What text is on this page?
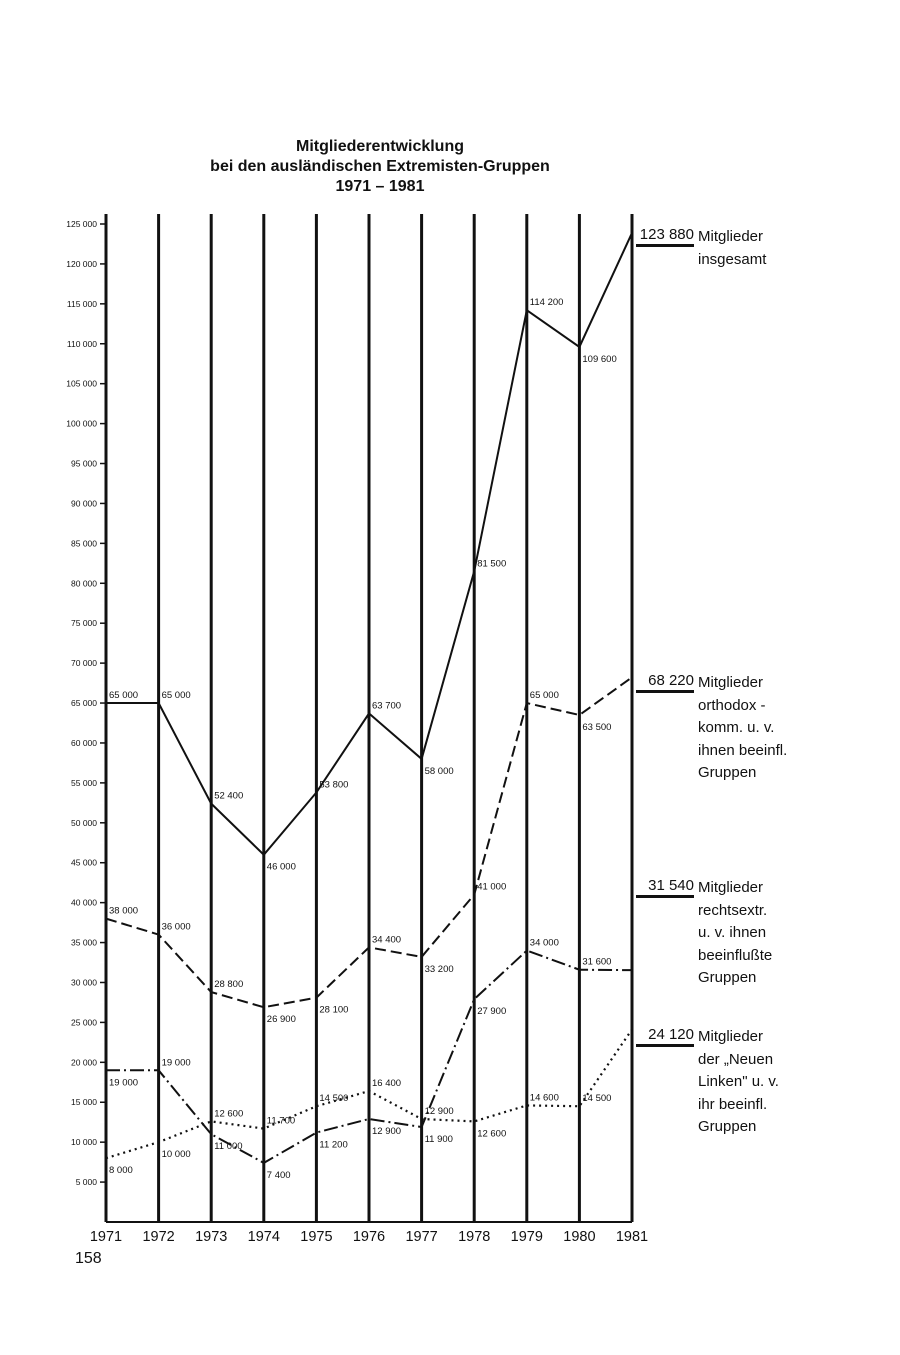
Mitgliederentwicklung
bei den ausländischen Extremisten-Gruppen
1971 – 1981
5 000
10 000
15 000
20 000
25 000
30 000
35 000
40 000
45 000
50 000
55 000
60 000
65 000
70 000
75 000
80 000
85 000
90 000
95 000
100 000
105 000
110 000
115 000
120 000
125 000
1971 1972 1973 1974 1975 1976 1977 1978 1979 1980 1981
65 000 65 000
52 400
46 000
53 800
63 700
58 000
81 500
114 200
109 600
38 000
36 000
28 800
26 900
28 100
34 400
33 200
41 000
65 000
63 500
19 000
19 000
11 000
7 400
11 200
12 900
11 900
27 900
34 000
31 600
8 000
10 000
12 600
11 700
14 500
16 400
12 900
12 600
14 600 14 500
123 880 Mitglieder
insgesamt
68 220 Mitglieder
orthodox -
komm. u. v.
ihnen beeinfl.
Gruppen
31 540 Mitglieder
rechtsextr.
u. v. ihnen
beeinflußte
Gruppen
24 120 Mitglieder
der „Neuen
Linken" u. v.
ihr beeinfl.
Gruppen
158
